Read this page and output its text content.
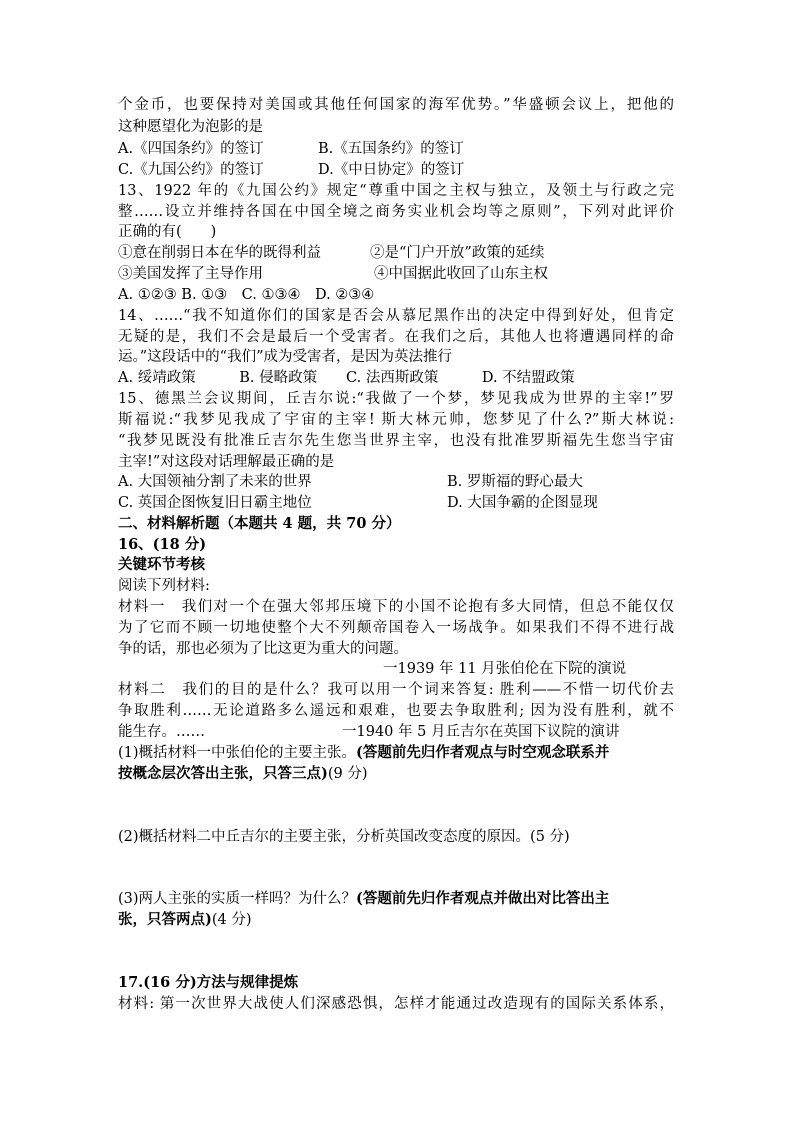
个金币，也要保持对美国或其他任何国家的海军优势。”华盛顿会议上，把他的
这种愿望化为泡影的是
A.《四国条约》的签订	B.《五国条约》的签订
C.《九国公约》的签订	D.《中日协定》的签订
13、1922 年的《九国公约》规定“尊重中国之主权与独立，及领土与行政之完
整……设立并维持各国在中国全境之商务实业机会均等之原则”，下列对此评价
正确的有(　　)
①意在削弱日本在华的既得利益	②是“门户开放”政策的延续
③美国发挥了主导作用	④中国据此收回了山东主权
A. ①②③ B. ①③　C. ①③④　D. ②③④
14、……“我不知道你们的国家是否会从慕尼黑作出的决定中得到好处，但肯定
无疑的是，我们不会是最后一个受害者。在我们之后，其他人也将遭遇同样的命
运。”这段话中的“我们”成为受害者，是因为英法推行
A. 绥靖政策　　　B. 侵略政策　　C. 法西斯政策　　　D. 不结盟政策
15、德黑兰会议期间，丘吉尔说:“我做了一个梦，梦见我成为世界的主宰!”罗
斯福说:“我梦见我成了宇宙的主宰! 斯大林元帅，您梦见了什么?”斯大林说:
“我梦见既没有批准丘吉尔先生您当世界主宰，也没有批准罗斯福先生您当宇宙
主宰!”对这段对话理解最正确的是
A. 大国领袖分割了未来的世界	B. 罗斯福的野心最大
C. 英国企图恢复旧日霸主地位	D. 大国争霸的企图显现
二、材料解析题（本题共 4 题，共 70 分）
16、(18 分)
关键环节考核
阅读下列材料:
材料一　我们对一个在强大邻邦压境下的小国不论抱有多大同情，但总不能仅仅
为了它而不顾一切地使整个大不列颠帝国卷入一场战争。如果我们不得不进行战
争的话，那也必须为了比这更为重大的问题。
一1939 年 11 月张伯伦在下院的演说
材料二　我们的目的是什么？我可以用一个词来答复: 胜利——不惜一切代价去
争取胜利……无论道路多么遥远和艰难，也要去争取胜利; 因为没有胜利，就不
能生存。……	一1940 年 5 月丘吉尔在英国下议院的演讲
(1)概括材料一中张伯伦的主要主张。(答题前先归作者观点与时空观念联系并
按概念层次答出主张，只答三点)(9 分)
(2)概括材料二中丘吉尔的主要主张，分析英国改变态度的原因。(5 分)
(3)两人主张的实质一样吗？为什么？(答题前先归作者观点并做出对比答出主
张，只答两点)(4 分)
17.(16 分)方法与规律提炼
材料: 第一次世界大战使人们深感恐惧，怎样才能通过改造现有的国际关系体系，
